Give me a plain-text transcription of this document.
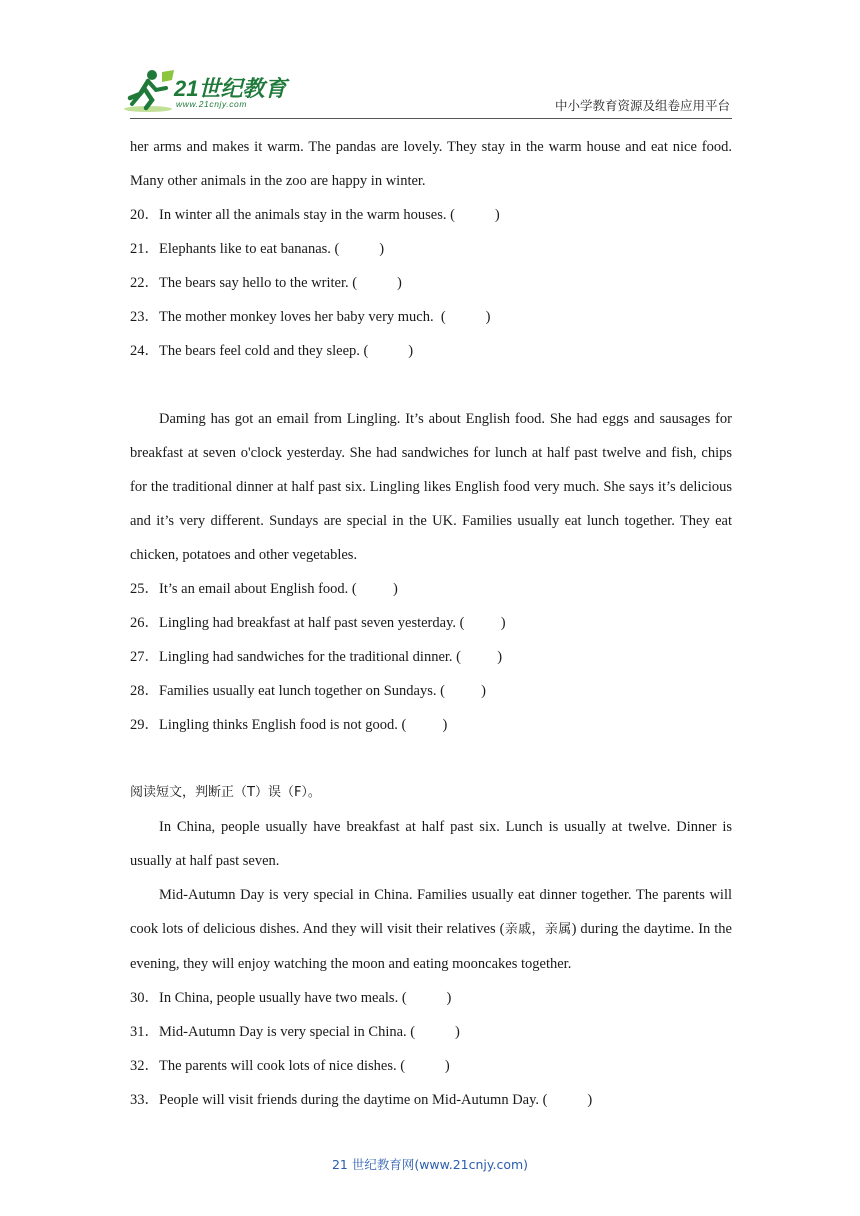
21世纪教育
www.21cnjy.com	中小学教育资源及组卷应用平台

her arms and makes it warm. The pandas are lovely. They stay in the warm house and eat nice food. Many other animals in the zoo are happy in winter.

20．In winter all the animals stay in the warm houses. (           )

21．Elephants like to eat bananas. (           )

22．The bears say hello to the writer. (           )

23．The mother monkey loves her baby very much.  (           )

24．The bears feel cold and they sleep. (           )

Daming has got an email from Lingling. It’s about English food. She had eggs and sausages for breakfast at seven o'clock yesterday. She had sandwiches for lunch at half past twelve and fish, chips for the traditional dinner at half past six. Lingling likes English food very much. She says it’s delicious and it’s very different. Sundays are special in the UK. Families usually eat lunch together. They eat chicken, potatoes and other vegetables.

25．It’s an email about English food. (          )

26．Lingling had breakfast at half past seven yesterday. (          )

27．Lingling had sandwiches for the traditional dinner. (          )

28．Families usually eat lunch together on Sundays. (          )

29．Lingling thinks English food is not good. (          )

阅读短文，判断正（T）误（F）。

In China, people usually have breakfast at half past six. Lunch is usually at twelve. Dinner is usually at half past seven.

Mid-Autumn Day is very special in China. Families usually eat dinner together. The parents will cook lots of delicious dishes. And they will visit their relatives (亲戚，亲属) during the daytime. In the evening, they will enjoy watching the moon and eating mooncakes together.

30．In China, people usually have two meals. (           )

31．Mid-Autumn Day is very special in China. (           )

32．The parents will cook lots of nice dishes. (           )

33．People will visit friends during the daytime on Mid-Autumn Day. (           )

21 世纪教育网(www.21cnjy.com)
